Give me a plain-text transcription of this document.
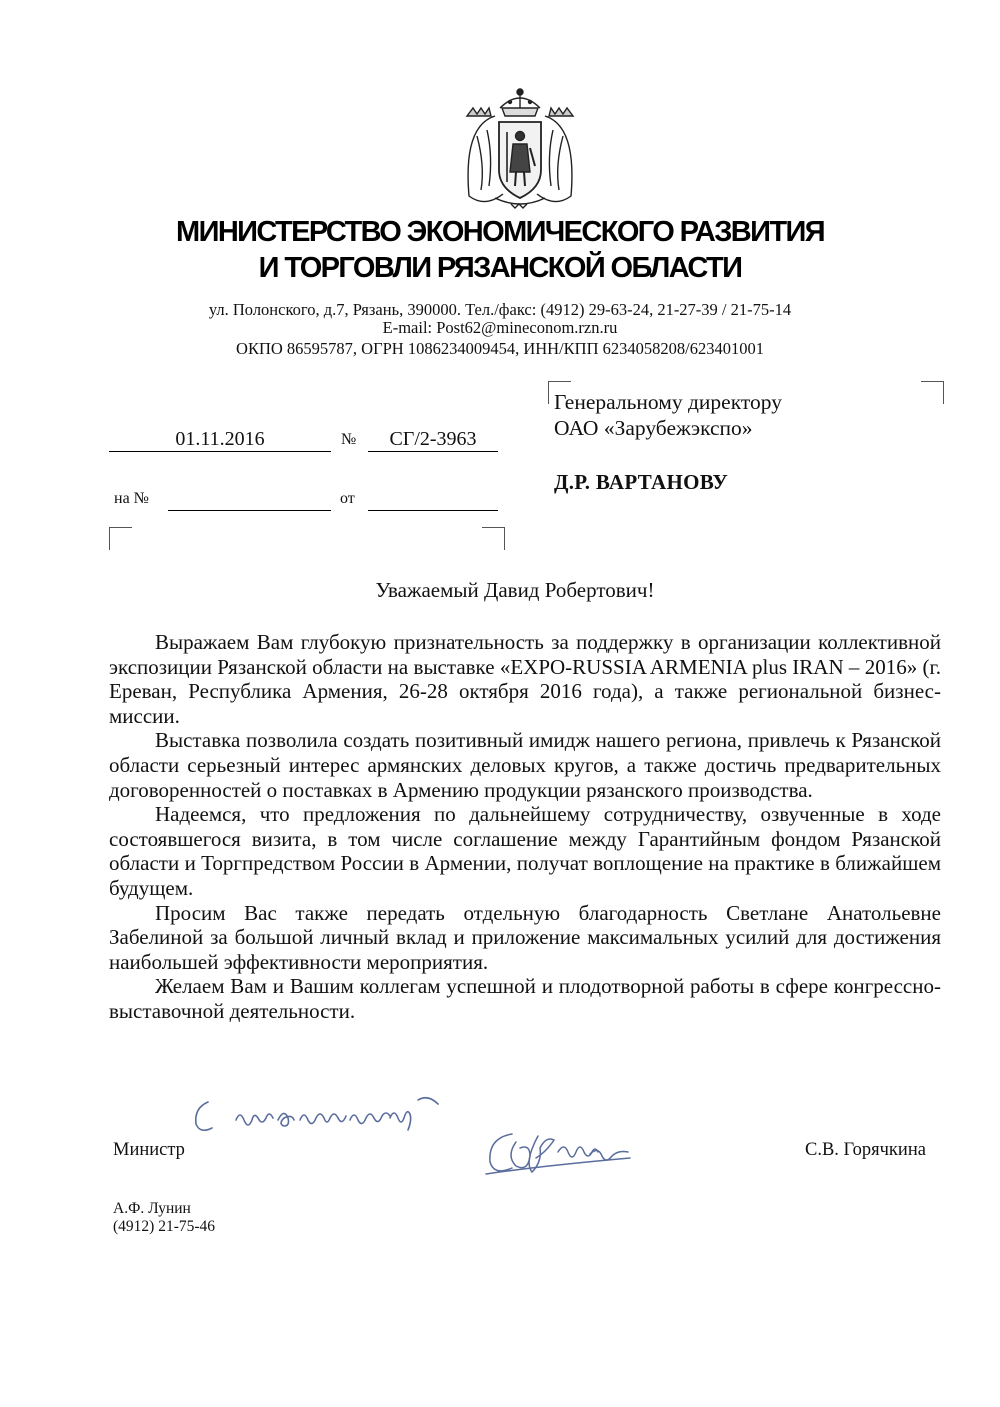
МИНИСТЕРСТВО ЭКОНОМИЧЕСКОГО РАЗВИТИЯ
И ТОРГОВЛИ РЯЗАНСКОЙ ОБЛАСТИ
ул. Полонского, д.7, Рязань, 390000. Тел./факс: (4912) 29-63-24, 21-27-39 / 21-75-14
E-mail: Post62@mineconom.rzn.ru
ОКПО 86595787, ОГРН 1086234009454, ИНН/КПП 6234058208/623401001
01.11.2016	№	СГ/2-3963
на №	от
Генеральному директору
ОАО «Зарубежэкспо»
Д.Р. ВАРТАНОВУ
Уважаемый Давид Робертович!

Выражаем Вам глубокую признательность за поддержку в организации коллективной экспозиции Рязанской области на выставке «EXPO-RUSSIA ARMENIA plus IRAN – 2016» (г. Ереван, Республика Армения, 26-28 октября 2016 года), а также региональной бизнес-миссии.

Выставка позволила создать позитивный имидж нашего региона, привлечь к Рязанской области серьезный интерес армянских деловых кругов, а также достичь предварительных договоренностей о поставках в Армению продукции рязанского производства.

Надеемся, что предложения по дальнейшему сотрудничеству, озвученные в ходе состоявшегося визита, в том числе соглашение между Гарантийным фондом Рязанской области и Торгпредством России в Армении, получат воплощение на практике в ближайшем будущем.

Просим Вас также передать отдельную благодарность Светлане Анатольевне Забелиной за большой личный вклад и приложение максимальных усилий для достижения наибольшей эффективности мероприятия.

Желаем Вам и Вашим коллегам успешной и плодотворной работы в сфере конгрессно-выставочной деятельности.

Министр	С.В. Горячкина
А.Ф. Лунин
(4912) 21-75-46
